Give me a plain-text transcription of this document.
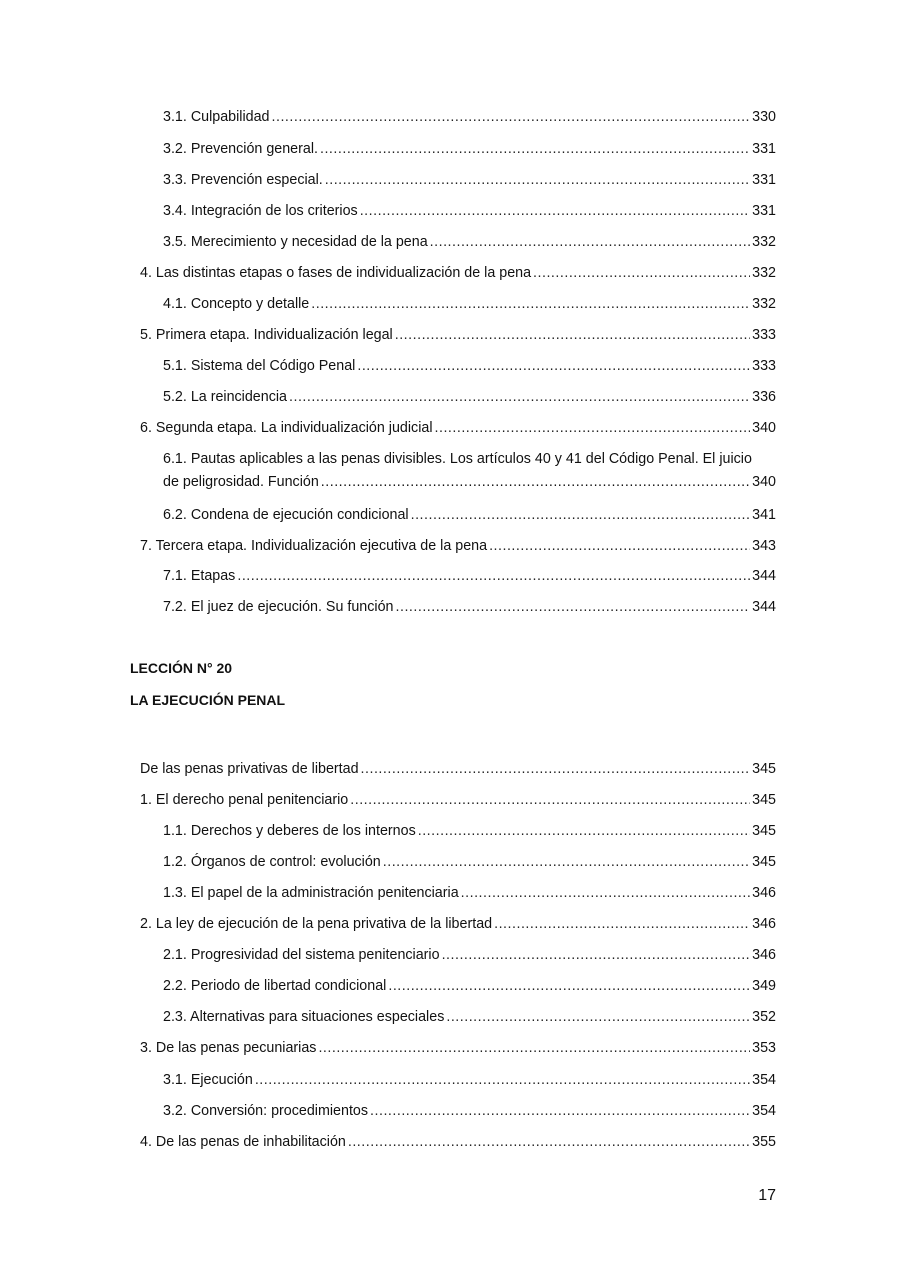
3.1. Culpabilidad .....	330
3.2. Prevención general. .....	331
3.3. Prevención especial. .....	331
3.4. Integración de los criterios .....	331
3.5. Merecimiento y necesidad de la pena .....	332
4. Las distintas etapas o fases de individualización de la pena .....	332
4.1. Concepto y detalle .....	332
5. Primera etapa. Individualización legal .....	333
5.1. Sistema del Código Penal .....	333
5.2. La reincidencia .....	336
6. Segunda etapa. La individualización judicial .....	340
6.1. Pautas aplicables a las penas divisibles. Los artículos 40 y 41 del Código Penal. El juicio
de peligrosidad. Función .....	340
6.2. Condena de ejecución condicional .....	341
7. Tercera etapa. Individualización ejecutiva de la pena .....	343
7.1. Etapas .....	344
7.2. El juez de ejecución. Su función .....	344
LECCIÓN N° 20
LA EJECUCIÓN PENAL
De las penas privativas de libertad .....	345
1. El derecho penal penitenciario .....	345
1.1. Derechos y deberes de los internos .....	345
1.2. Órganos de control: evolución .....	345
1.3. El papel de la administración penitenciaria .....	346
2. La ley de ejecución de la pena privativa de la libertad .....	346
2.1. Progresividad del sistema penitenciario .....	346
2.2. Periodo de libertad condicional .....	349
2.3. Alternativas para situaciones especiales .....	352
3. De las penas pecuniarias .....	353
3.1. Ejecución .....	354
3.2. Conversión: procedimientos .....	354
4. De las penas de inhabilitación .....	355
17
